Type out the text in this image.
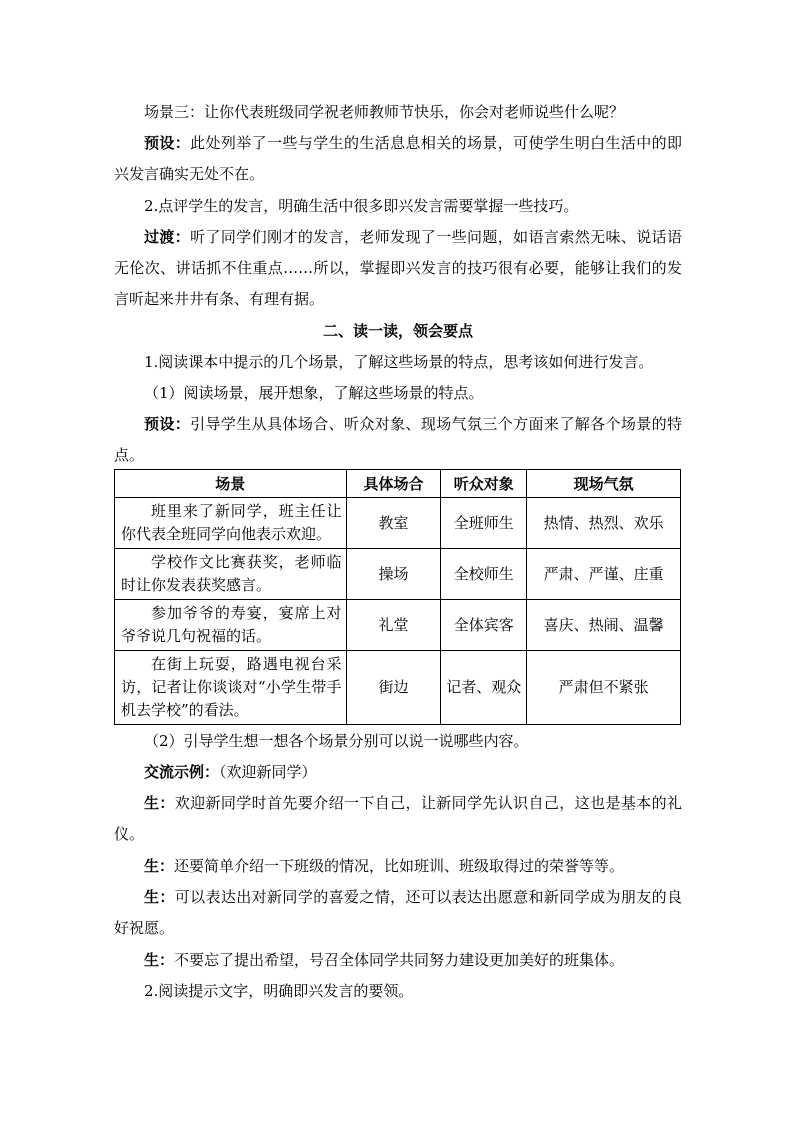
场景三：让你代表班级同学祝老师教师节快乐，你会对老师说些什么呢？

预设：此处列举了一些与学生的生活息息相关的场景，可使学生明白生活中的即兴发言确实无处不在。

2.点评学生的发言，明确生活中很多即兴发言需要掌握一些技巧。

过渡：听了同学们刚才的发言，老师发现了一些问题，如语言索然无味、说话语无伦次、讲话抓不住重点……所以，掌握即兴发言的技巧很有必要，能够让我们的发言听起来井井有条、有理有据。

二、读一读，领会要点

1.阅读课本中提示的几个场景，了解这些场景的特点，思考该如何进行发言。

（1）阅读场景，展开想象，了解这些场景的特点。

预设：引导学生从具体场合、听众对象、现场气氛三个方面来了解各个场景的特点。

场景	具体场合	听众对象	现场气氛
班里来了新同学，班主任让你代表全班同学向他表示欢迎。	教室	全班师生	热情、热烈、欢乐
学校作文比赛获奖，老师临时让你发表获奖感言。	操场	全校师生	严肃、严谨、庄重
参加爷爷的寿宴，宴席上对爷爷说几句祝福的话。	礼堂	全体宾客	喜庆、热闹、温馨
在街上玩耍，路遇电视台采访，记者让你谈谈对“小学生带手机去学校”的看法。	街边	记者、观众	严肃但不紧张

（2）引导学生想一想各个场景分别可以说一说哪些内容。

交流示例：（欢迎新同学）

生：欢迎新同学时首先要介绍一下自己，让新同学先认识自己，这也是基本的礼仪。

生：还要简单介绍一下班级的情况，比如班训、班级取得过的荣誉等等。

生：可以表达出对新同学的喜爱之情，还可以表达出愿意和新同学成为朋友的良好祝愿。

生：不要忘了提出希望，号召全体同学共同努力建设更加美好的班集体。

2.阅读提示文字，明确即兴发言的要领。
